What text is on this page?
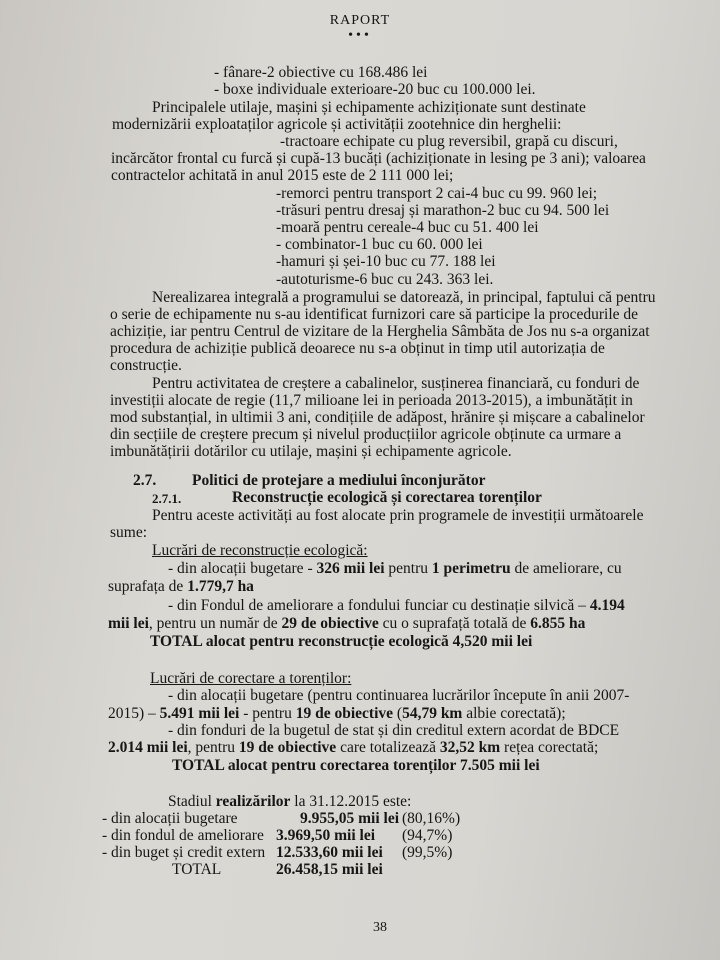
RAPORT
•••
- fânare-2 obiective cu 168.486 lei
- boxe individuale exterioare-20 buc cu 100.000 lei.
Principalele utilaje, mașini și echipamente achiziționate sunt destinate
modernizării exploataților agricole și activității zootehnice din herghelii:
-tractoare echipate cu plug reversibil, grapă cu discuri,
incărcător frontal cu furcă și cupă-13 bucăți (achiziționate in lesing pe 3 ani); valoarea
contractelor achitată in anul 2015 este de 2 111 000 lei;
-remorci pentru transport 2 cai-4 buc cu 99. 960 lei;
-trăsuri pentru dresaj și marathon-2 buc cu 94. 500 lei
-moară pentru cereale-4 buc cu 51. 400 lei
- combinator-1 buc cu 60. 000 lei
-hamuri și șei-10 buc cu 77. 188 lei
-autoturisme-6 buc cu 243. 363 lei.
Nerealizarea integrală a programului se datorează, in principal, faptului că pentru
o serie de echipamente nu s-au identificat furnizori care să participe la procedurile de
achiziție, iar pentru Centrul de vizitare de la Herghelia Sâmbăta de Jos nu s-a organizat
procedura de achiziție publică deoarece nu s-a obținut in timp util autorizația de
construcție.
Pentru activitatea de creștere a cabalinelor, susținerea financiară, cu fonduri de
investiții alocate de regie (11,7 milioane lei in perioada 2013-2015), a imbunătățit in
mod substanțial, in ultimii 3 ani, condițiile de adăpost, hrănire și mișcare a cabalinelor
din secțiile de creștere precum și nivelul producțiilor agricole obținute ca urmare a
imbunătățirii dotărilor cu utilaje, mașini și echipamente agricole.
2.7. Politici de protejare a mediului înconjurător
2.7.1.	Reconstrucție ecologică și corectarea torenților
Pentru aceste activități au fost alocate prin programele de investiții următoarele
sume:
Lucrări de reconstrucție ecologică:
- din alocații bugetare - 326 mii lei pentru 1 perimetru de ameliorare, cu
suprafața de 1.779,7 ha
- din Fondul de ameliorare a fondului funciar cu destinație silvică – 4.194
mii lei, pentru un număr de 29 de obiective cu o suprafață totală de 6.855 ha
TOTAL alocat pentru reconstrucție ecologică 4,520 mii lei
Lucrări de corectare a torenților:
- din alocații bugetare (pentru continuarea lucrărilor începute în anii 2007-
2015) – 5.491 mii lei - pentru 19 de obiective (54,79 km albie corectată);
- din fonduri de la bugetul de stat și din creditul extern acordat de BDCE
2.014 mii lei, pentru 19 de obiective care totalizează 32,52 km rețea corectată;
TOTAL alocat pentru corectarea torenților 7.505 mii lei
Stadiul realizărilor la 31.12.2015 este:
- din alocații bugetare	9.955,05 mii lei (80,16%)
- din fondul de ameliorare 3.969,50 mii lei (94,7%)
- din buget și credit extern 12.533,60 mii lei (99,5%)
TOTAL	26.458,15 mii lei
38
